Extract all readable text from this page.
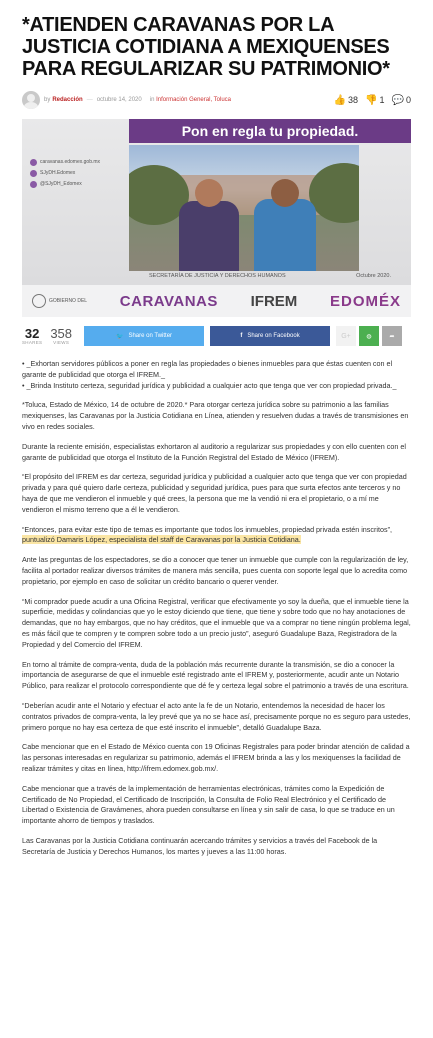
*ATIENDEN CARAVANAS POR LA JUSTICIA COTIDIANA A MEXIQUENSES PARA REGULARIZAR SU PATRIMONIO*
by Redacción — octubre 14, 2020 in Información General, Toluca	👍 38 👎 1 💬 0
Pon en regla tu propiedad.
caravanas.edomex.gob.mx
SJyDH.Edomex
@SJyDH_Edomex
SECRETARÍA DE JUSTICIA Y DERECHOS HUMANOS	Octubre 2020.
GOBIERNO DEL CARAVANAS IFREM EDOMÉX
32
SHARES
358
VIEWS
🐦 Share on Twitter	f Share on Facebook	G+	◍	➦

• _Exhortan servidores públicos a poner en regla las propiedades o bienes inmuebles para que éstas cuenten con el garante de publicidad que otorga el IFREM._
• _Brinda Instituto certeza, seguridad jurídica y publicidad a cualquier acto que tenga que ver con propiedad privada._

*Toluca, Estado de México, 14 de octubre de 2020.* Para otorgar certeza jurídica sobre su patrimonio a las familias mexiquenses, las Caravanas por la Justicia Cotidiana en Línea, atienden y resuelven dudas a través de transmisiones en vivo en redes sociales.

Durante la reciente emisión, especialistas exhortaron al auditorio a regularizar sus propiedades y con ello cuenten con el garante de publicidad que otorga el Instituto de la Función Registral del Estado de México (IFREM).

“El propósito del IFREM es dar certeza, seguridad jurídica y publicidad a cualquier acto que tenga que ver con propiedad privada y para qué quiero darle certeza, publicidad y seguridad jurídica, pues para que surta efectos ante terceros y no haya de que me vendieron el inmueble y qué crees, la persona que me la vendió ni era el propietario, o a mí me vendieron el mismo terreno que a él le vendieron.

“Entonces, para evitar este tipo de temas es importante que todos los inmuebles, propiedad privada estén inscritos”, puntualizó Damaris López, especialista del staff de Caravanas por la Justicia Cotidiana.

Ante las preguntas de los espectadores, se dio a conocer que tener un inmueble que cumple con la regularización de ley, facilita al portador realizar diversos trámites de manera más sencilla, pues cuenta con soporte legal que lo acredita como propietario, por ejemplo en caso de solicitar un crédito bancario o querer vender.

“Mi comprador puede acudir a una Oficina Registral, verificar que efectivamente yo soy la dueña, que el inmueble tiene la superficie, medidas y colindancias que yo le estoy diciendo que tiene, que tiene y sobre todo que no hay anotaciones de demandas, que no hay embargos, que no hay créditos, que el inmueble que va a comprar no tiene ningún problema legal, es más fácil que te compren y te compren sobre todo a un precio justo”, aseguró Guadalupe Baza, Registradora de la Propiedad y del Comercio del IFREM.

En torno al trámite de compra-venta, duda de la población más recurrente durante la transmisión, se dio a conocer la importancia de asegurarse de que el inmueble esté registrado ante el IFREM y, posteriormente, acudir ante un Notario Público, para realizar el protocolo correspondiente que dé fe y certeza legal sobre el patrimonio a través de una escritura.

“Deberían acudir ante el Notario y efectuar el acto ante la fe de un Notario, entendemos la necesidad de hacer los contratos privados de compra-venta, la ley prevé que ya no se hace así, precisamente porque no es seguro para ustedes, primero porque no hay esa certeza de que esté inscrito el inmueble”, detalló Guadalupe Baza.

Cabe mencionar que en el Estado de México cuenta con 19 Oficinas Registrales para poder brindar atención de calidad a las personas interesadas en regularizar su patrimonio, además el IFREM brinda a las y los mexiquenses la facilidad de realizar trámites y citas en línea, http://ifrem.edomex.gob.mx/.

Cabe mencionar que a través de la implementación de herramientas electrónicas, trámites como la Expedición de Certificado de No Propiedad, el Certificado de Inscripción, la Consulta de Folio Real Electrónico y el Certificado de Libertad o Existencia de Gravámenes, ahora pueden consultarse en línea y sin salir de casa, lo que se traduce en un importante ahorro de tiempos y traslados.

Las Caravanas por la Justicia Cotidiana continuarán acercando trámites y servicios a través del Facebook de la Secretaría de Justicia y Derechos Humanos, los martes y jueves a las 11:00 horas.
